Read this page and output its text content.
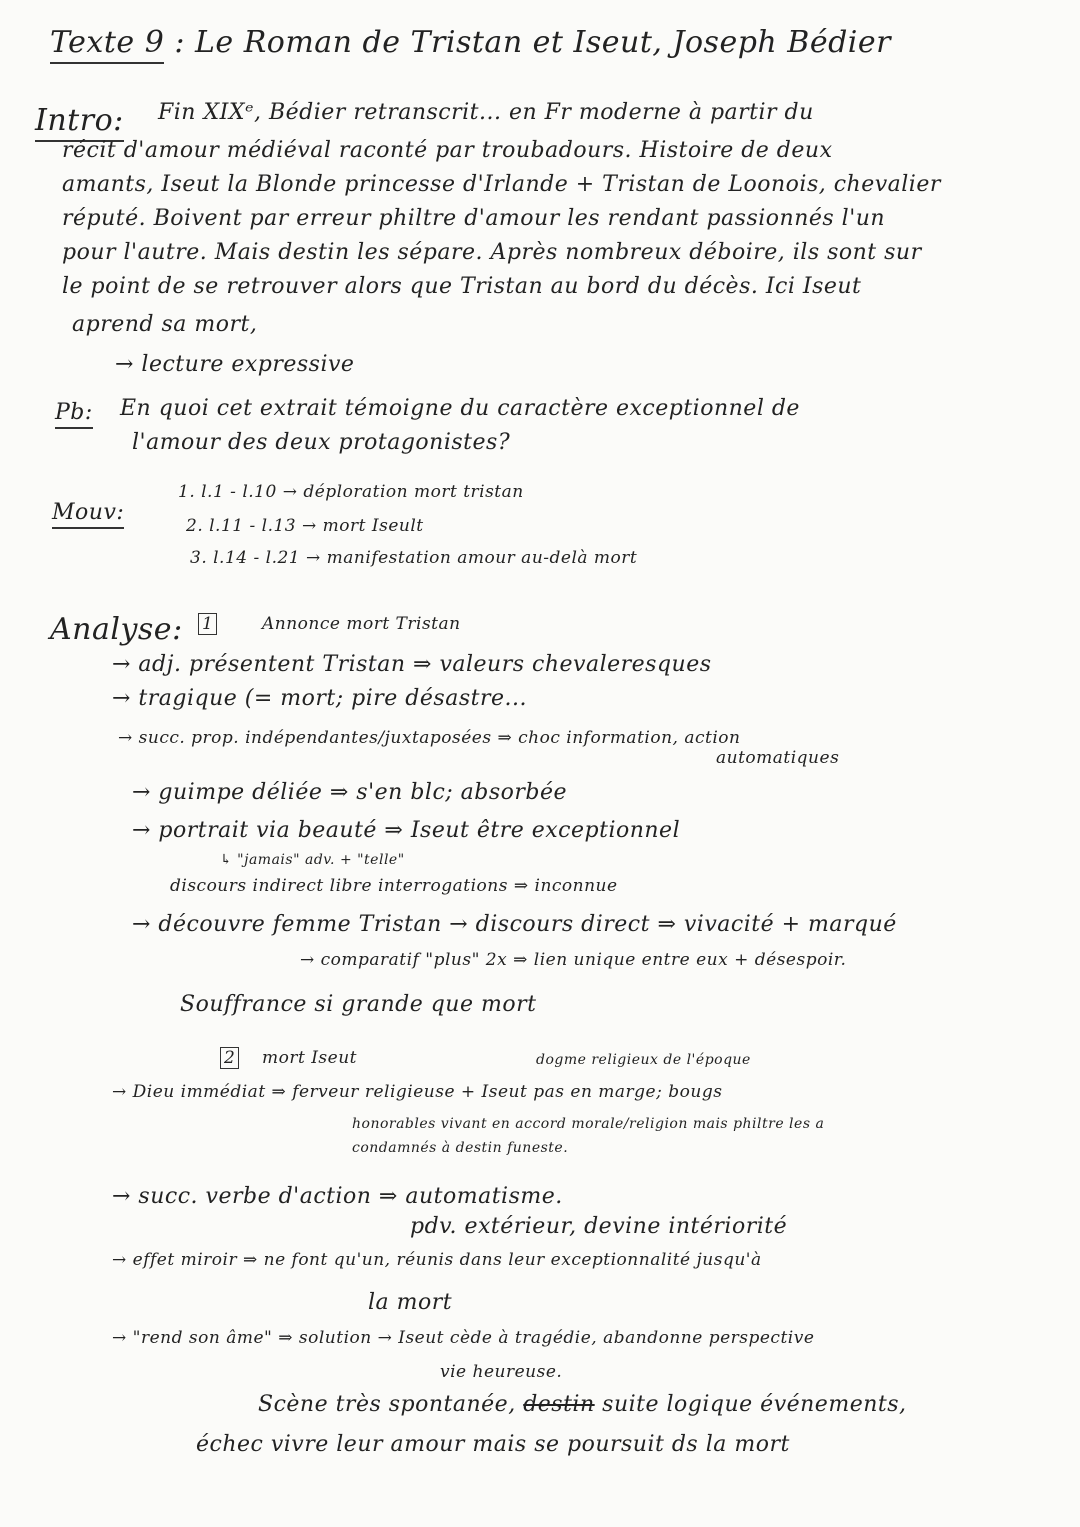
Texte 9 : Le Roman de Tristan et Iseut, Joseph Bédier
Intro: Fin XIXᵉ, Bédier retranscrit... en Fr moderne à partir du
récit d'amour médiéval raconté par troubadours. Histoire de deux
amants, Iseut la Blonde princesse d'Irlande + Tristan de Loonois, chevalier
réputé. Boivent par erreur philtre d'amour les rendant passionnés l'un
pour l'autre. Mais destin les sépare. Après nombreux déboire, ils sont sur
le point de se retrouver alors que Tristan au bord du décès. Ici Iseut
aprend sa mort,
→ lecture expressive
Pb: En quoi cet extrait témoigne du caractère exceptionnel de
l'amour des deux protagonistes?
Mouv:
1. l.1 - l.10 → déploration mort tristan
2. l.11 - l.13 → mort Iseult
3. l.14 - l.21 → manifestation amour au-delà mort
Analyse: 1	Annonce mort Tristan
→ adj. présentent Tristan ⇒ valeurs chevaleresques
→ tragique (= mort; pire désastre...
→ succ. prop. indépendantes/juxtaposées ⇒ choc information, action
automatiques
→ guimpe déliée ⇒ s'en blc; absorbée
→ portrait via beauté ⇒ Iseut être exceptionnel
↳ "jamais" adv. + "telle"
discours indirect libre interrogations ⇒ inconnue
→ découvre femme Tristan → discours direct ⇒ vivacité + marqué
→ comparatif "plus" 2x ⇒ lien unique entre eux + désespoir.
Souffrance si grande que mort
2 mort Iseut	dogme religieux de l'époque
→ Dieu immédiat ⇒ ferveur religieuse + Iseut pas en marge; bougs
honorables vivant en accord morale/religion mais philtre les a
condamnés à destin funeste.
→ succ. verbe d'action ⇒ automatisme.
pdv. extérieur, devine intériorité
→ effet miroir ⇒ ne font qu'un, réunis dans leur exceptionnalité jusqu'à
la mort
→ "rend son âme" ⇒ solution → Iseut cède à tragédie, abandonne perspective
vie heureuse.
Scène très spontanée, destin suite logique événements,
échec vivre leur amour mais se poursuit ds la mort
